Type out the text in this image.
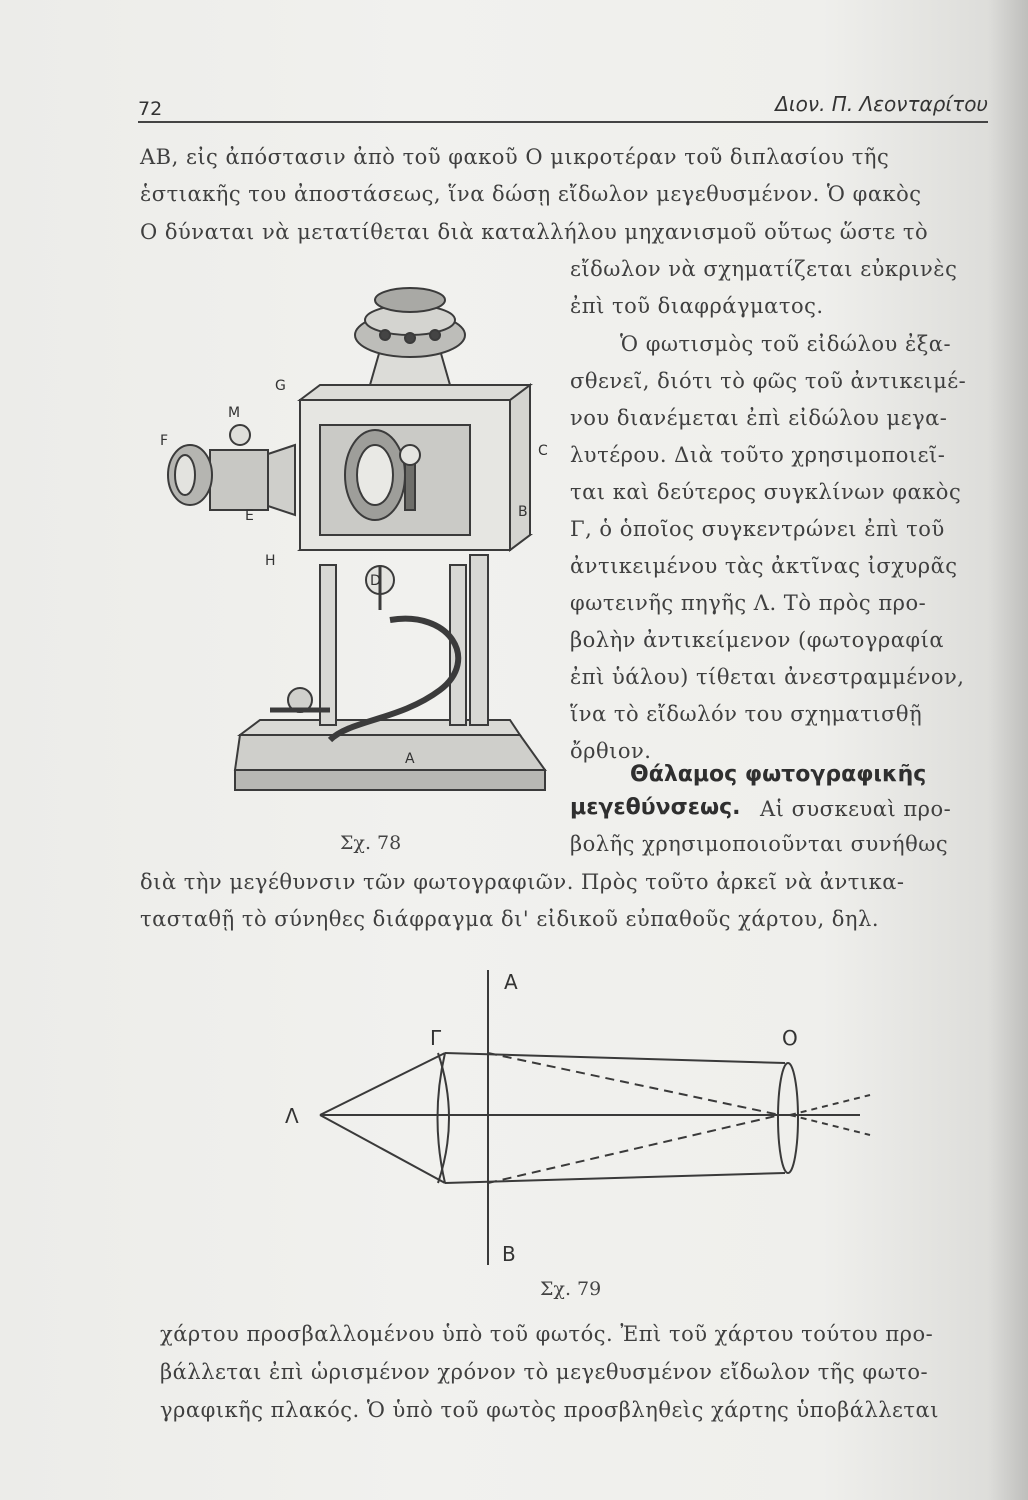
72	Διον. Π. Λεονταρίτου
ΑΒ, εἰς ἀπόστασιν ἀπὸ τοῦ φακοῦ Ο μικροτέραν τοῦ διπλασίου τῆς
ἑστιακῆς του ἀποστάσεως, ἵνα δώσῃ εἴδωλον μεγεθυσμένον. Ὁ φακὸς
Ο δύναται νὰ μετατίθεται διὰ καταλλήλου μηχανισμοῦ οὕτως ὥστε τὸ
εἴδωλον νὰ σχηματίζεται εὐκρινὲς
ἐπὶ τοῦ διαφράγματος.
Ὁ φωτισμὸς τοῦ εἰδώλου ἐξα-
σθενεῖ, διότι τὸ φῶς τοῦ ἀντικειμέ-
νου διανέμεται ἐπὶ εἰδώλου μεγα-
λυτέρου. Διὰ τοῦτο χρησιμοποιεῖ-
ται καὶ δεύτερος συγκλίνων φακὸς
Γ, ὁ ὁποῖος συγκεντρώνει ἐπὶ τοῦ
ἀντικειμένου τὰς ἀκτῖνας ἰσχυρᾶς
φωτεινῆς πηγῆς Λ. Τὸ πρὸς προ-
βολὴν ἀντικείμενον (φωτογραφία
ἐπὶ ὑάλου) τίθεται ἀνεστραμμένον,
ἵνα τὸ εἴδωλόν του σχηματισθῇ
ὄρθιον.
Θάλαμος φωτογραφικῆς
μεγεθύνσεως. Αἱ συσκευαὶ προ-
βολῆς χρησιμοποιοῦνται συνήθως
Σχ. 78
διὰ τὴν μεγέθυνσιν τῶν φωτογραφιῶν. Πρὸς τοῦτο ἀρκεῖ νὰ ἀντικα-
τασταθῇ τὸ σύνηθες διάφραγμα δι' εἰδικοῦ εὐπαθοῦς χάρτου, δηλ.
G
M
F
E
H
C
B
D
A
Α
Β
Γ	Ο
Λ
Σχ. 79
χάρτου προσβαλλομένου ὑπὸ τοῦ φωτός. Ἐπὶ τοῦ χάρτου τούτου προ-
βάλλεται ἐπὶ ὡρισμένον χρόνον τὸ μεγεθυσμένον εἴδωλον τῆς φωτο-
γραφικῆς πλακός. Ὁ ὑπὸ τοῦ φωτὸς προσβληθεὶς χάρτης ὑποβάλλεται
